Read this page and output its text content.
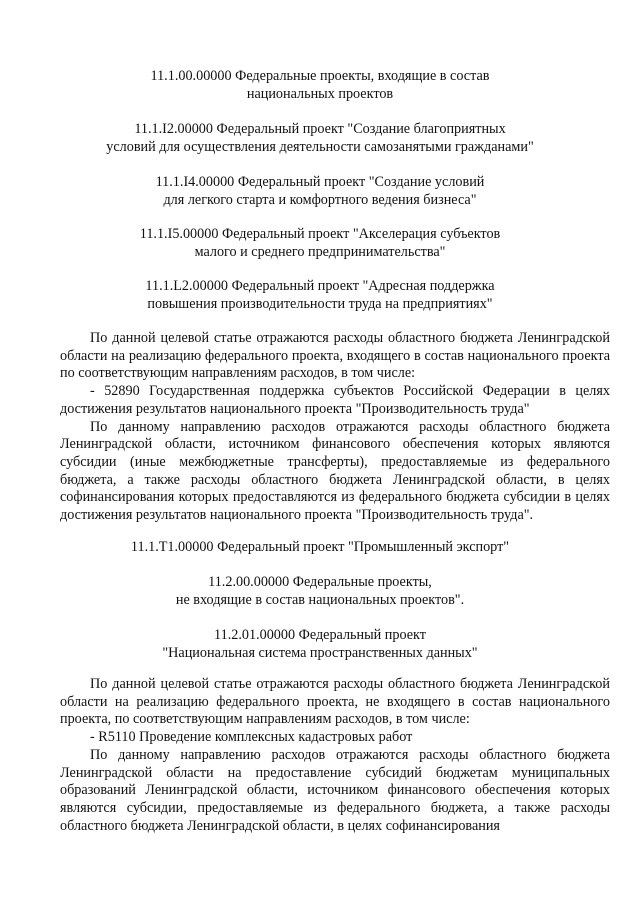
11.1.00.00000 Федеральные проекты, входящие в состав
национальных проектов
11.1.I2.00000 Федеральный проект "Создание благоприятных
условий для осуществления деятельности самозанятыми гражданами"
11.1.I4.00000 Федеральный проект "Создание условий
для легкого старта и комфортного ведения бизнеса"
11.1.I5.00000 Федеральный проект "Акселерация субъектов
малого и среднего предпринимательства"
11.1.L2.00000 Федеральный проект "Адресная поддержка
повышения производительности труда на предприятиях"

По данной целевой статье отражаются расходы областного бюджета Ленинградской области на реализацию федерального проекта, входящего в состав национального проекта по соответствующим направлениям расходов, в том числе:

- 52890 Государственная поддержка субъектов Российской Федерации в целях достижения результатов национального проекта "Производительность труда"

По данному направлению расходов отражаются расходы областного бюджета Ленинградской области, источником финансового обеспечения которых являются субсидии (иные межбюджетные трансферты), предоставляемые из федерального бюджета, а также расходы областного бюджета Ленинградской области, в целях софинансирования которых предоставляются из федерального бюджета субсидии в целях достижения результатов национального проекта "Производительность труда".

11.1.T1.00000 Федеральный проект "Промышленный экспорт"
11.2.00.00000 Федеральные проекты,
не входящие в состав национальных проектов".
11.2.01.00000 Федеральный проект
"Национальная система пространственных данных"

По данной целевой статье отражаются расходы областного бюджета Ленинградской области на реализацию федерального проекта, не входящего в состав национального проекта, по соответствующим направлениям расходов, в том числе:

- R5110 Проведение комплексных кадастровых работ

По данному направлению расходов отражаются расходы областного бюджета Ленинградской области на предоставление субсидий бюджетам муниципальных образований Ленинградской области, источником финансового обеспечения которых являются субсидии, предоставляемые из федерального бюджета, а также расходы областного бюджета Ленинградской области, в целях софинансирования
